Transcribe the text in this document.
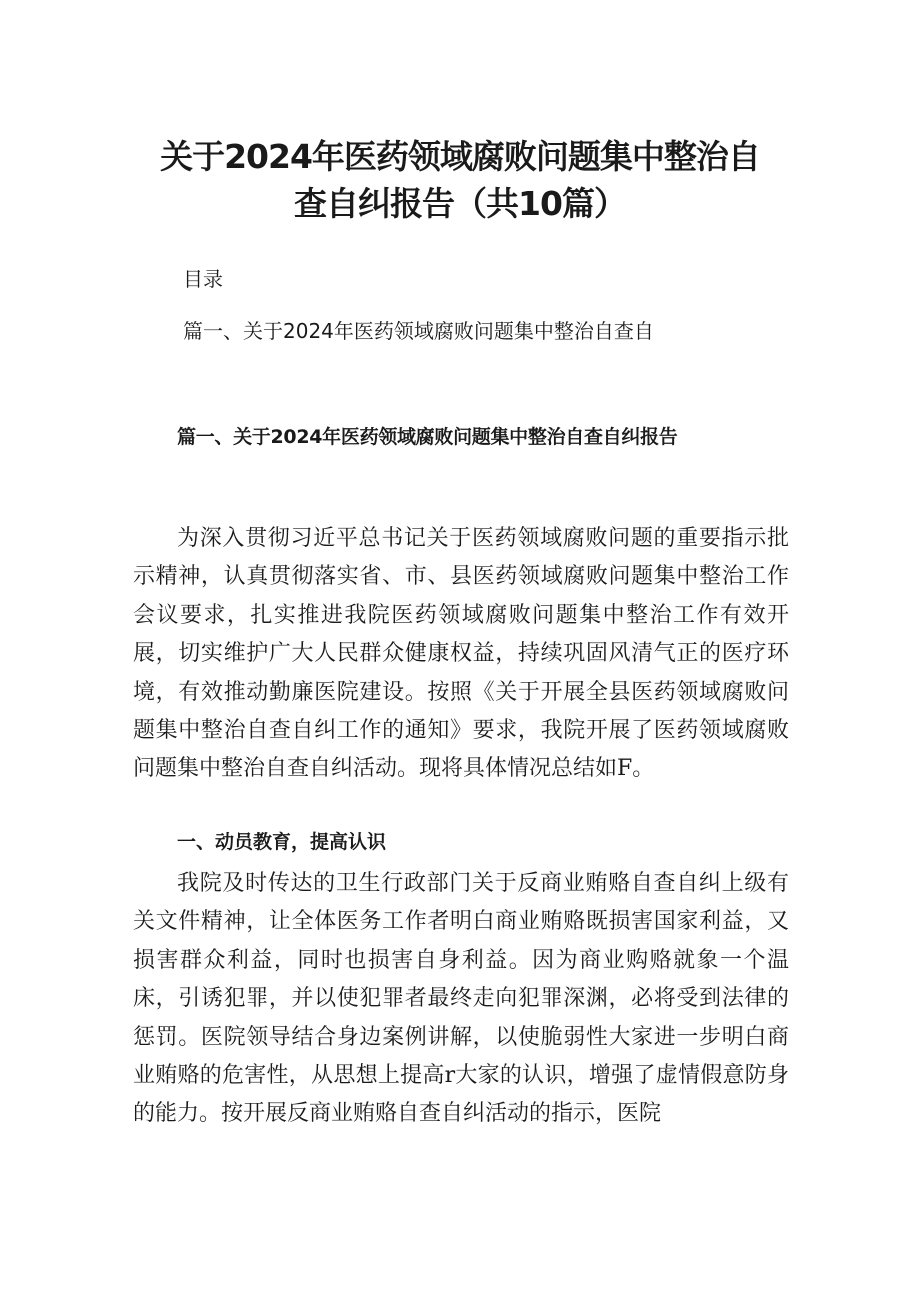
关于2024年医药领域腐败问题集中整治自
查自纠报告（共10篇）

目录

篇一、关于2024年医药领域腐败问题集中整治自查自

篇一、关于2024年医药领域腐败问题集中整治自查自纠报告

为深入贯彻习近平总书记关于医药领域腐败问题的重要指示批示精神，认真贯彻落实省、市、县医药领域腐败问题集中整治工作会议要求，扎实推进我院医药领域腐败问题集中整治工作有效开展，切实维护广大人民群众健康权益，持续巩固风清气正的医疗环境，有效推动勤廉医院建设。按照《关于开展全县医药领域腐败问题集中整治自查自纠工作的通知》要求，我院开展了医药领域腐败问题集中整治自查自纠活动。现将具体情况总结如F。

一、动员教育，提高认识

我院及时传达的卫生行政部门关于反商业贿赂自查自纠上级有关文件精神，让全体医务工作者明白商业贿赂既损害国家利益，又损害群众利益，同时也损害自身利益。因为商业购赂就象一个温床，引诱犯罪，并以使犯罪者最终走向犯罪深渊，必将受到法律的惩罚。医院领导结合身边案例讲解，以使脆弱性大家进一步明白商业贿赂的危害性，从思想上提高r大家的认识，增强了虚情假意防身的能力。按开展反商业贿赂自查自纠活动的指示，医院
